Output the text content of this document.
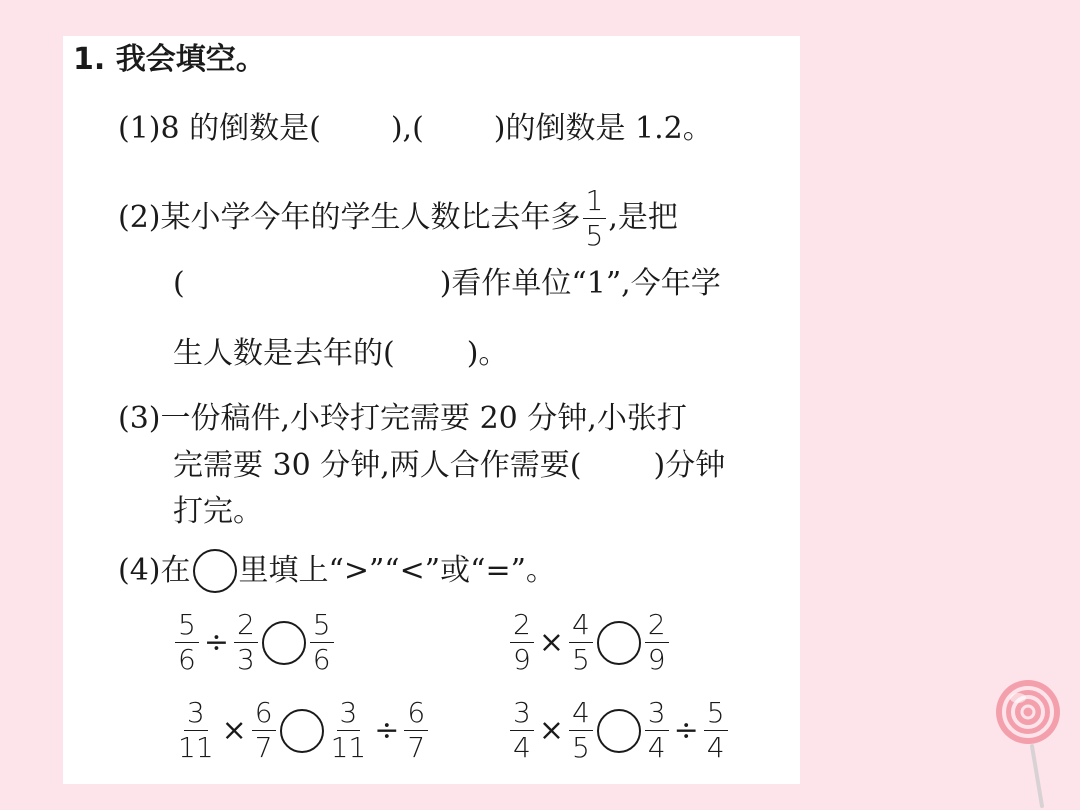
1. 我会填空。
(1)8 的倒数是( ),( )的倒数是 1.2。
(2)某小学今年的学生人数比去年多 $\frac{1}{5}$ ,是把
(	)看作单位“1”,今年学
生人数是去年的( )。
(3)一份稿件,小玲打完需要 20 分钟,小张打
完需要 30 分钟,两人合作需要( )分钟
打完。
(4)在 里填上“>”“<”或“=”。
$\frac{5}{6} \div \frac{2}{3} \frac{5}{6}$	$\frac{2}{9} \times \frac{4}{5} \frac{2}{9}$
$\frac{3}{11} \times \frac{6}{7} \frac{3}{11} \div \frac{6}{7}$	$\frac{3}{4} \times \frac{4}{5} \frac{3}{4} \div \frac{5}{4}$
